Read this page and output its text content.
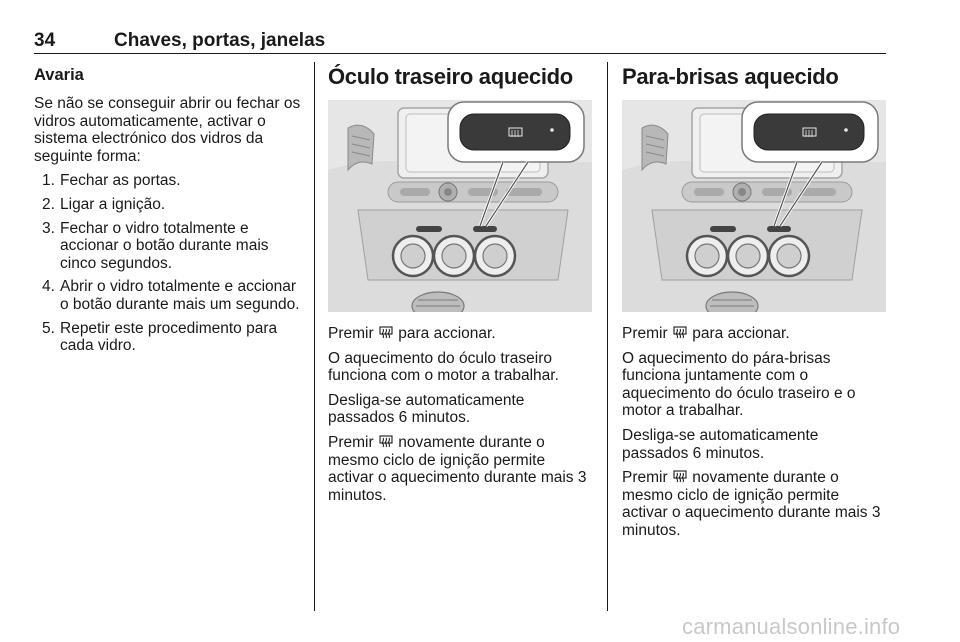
34	Chaves, portas, janelas
Avaria

Se não se conseguir abrir ou fechar os vidros automaticamente, activar o sistema electrónico dos vidros da seguinte forma:

1. Fechar as portas.
2. Ligar a ignição.
3. Fechar o vidro totalmente e accionar o botão durante mais cinco segundos.
4. Abrir o vidro totalmente e accionar o botão durante mais um segundo.
5. Repetir este procedimento para cada vidro.
Óculo traseiro aquecido

Premir para accionar.

O aquecimento do óculo traseiro funciona com o motor a trabalhar.

Desliga-se automaticamente passados 6 minutos.

Premir novamente durante o mesmo ciclo de ignição permite activar o aquecimento durante mais 3 minutos.

Para-brisas aquecido

Premir para accionar.

O aquecimento do pára-brisas funciona juntamente com o aquecimento do óculo traseiro e o motor a trabalhar.

Desliga-se automaticamente passados 6 minutos.

Premir novamente durante o mesmo ciclo de ignição permite activar o aquecimento durante mais 3 minutos.

carmanualsonline.info
